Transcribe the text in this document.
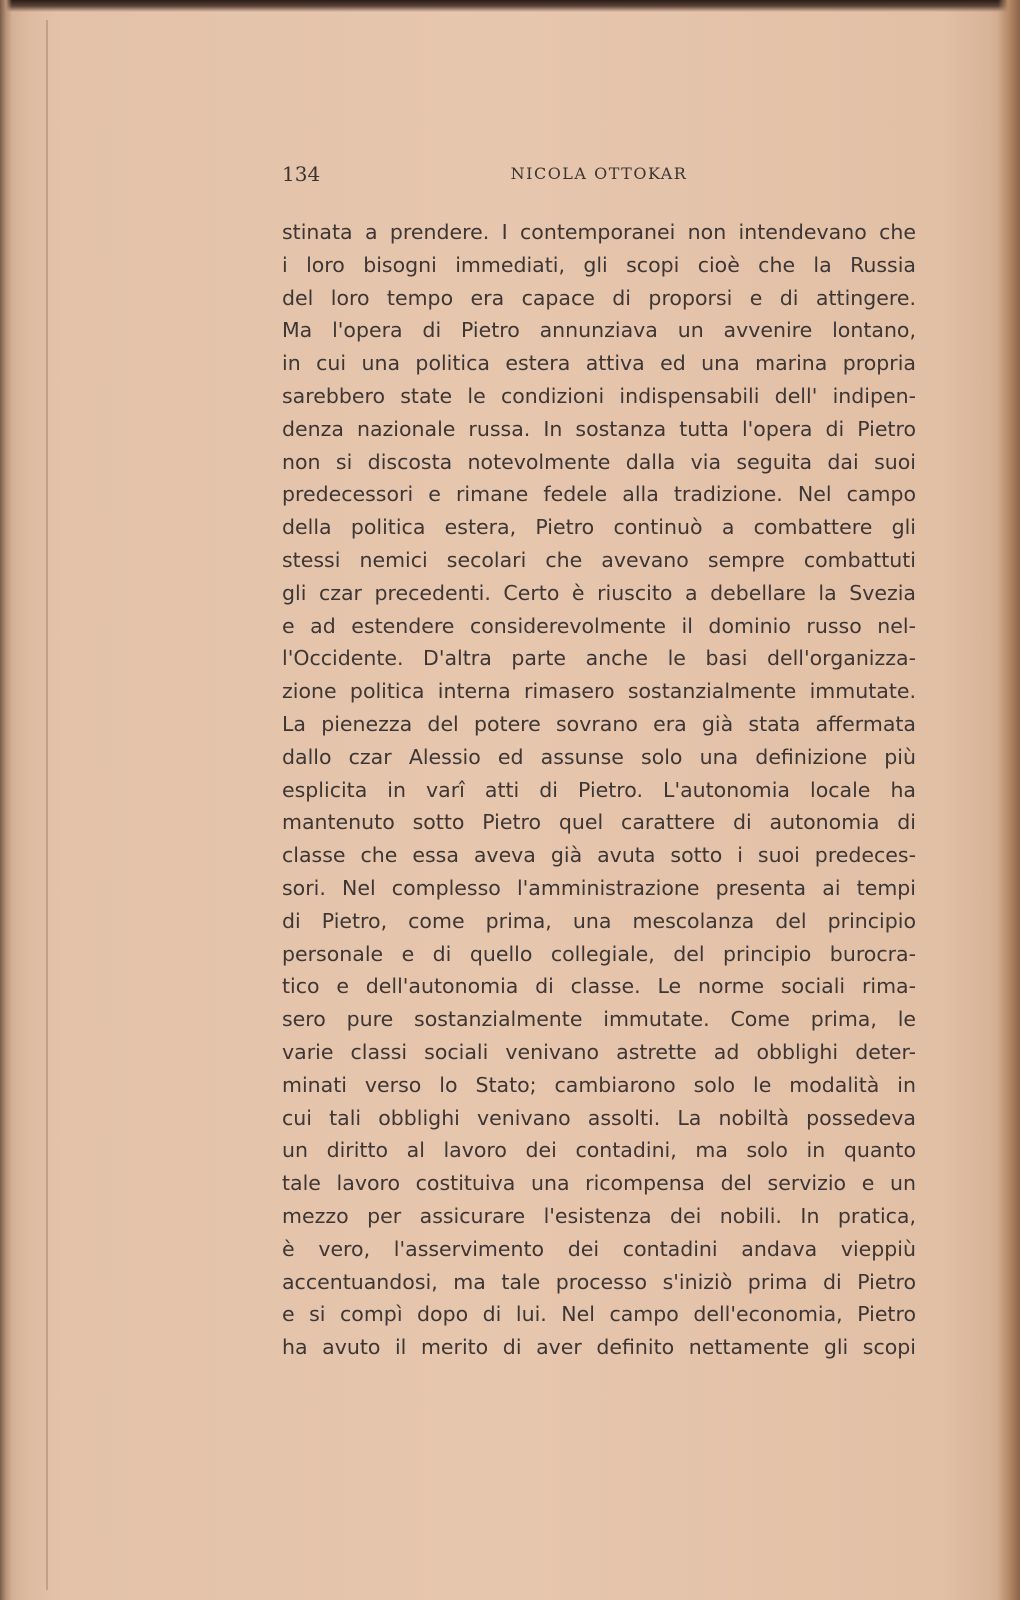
134	NICOLA OTTOKAR
stinata a prendere. I contemporanei non intendevano che
i loro bisogni immediati, gli scopi cioè che la Russia
del loro tempo era capace di proporsi e di attingere.
Ma l'opera di Pietro annunziava un avvenire lontano,
in cui una politica estera attiva ed una marina propria
sarebbero state le condizioni indispensabili dell' indipen-
denza nazionale russa. In sostanza tutta l'opera di Pietro
non si discosta notevolmente dalla via seguita dai suoi
predecessori e rimane fedele alla tradizione. Nel campo
della politica estera, Pietro continuò a combattere gli
stessi nemici secolari che avevano sempre combattuti
gli czar precedenti. Certo è riuscito a debellare la Svezia
e ad estendere considerevolmente il dominio russo nel-
l'Occidente. D'altra parte anche le basi dell'organizza-
zione politica interna rimasero sostanzialmente immutate.
La pienezza del potere sovrano era già stata affermata
dallo czar Alessio ed assunse solo una definizione più
esplicita in varî atti di Pietro. L'autonomia locale ha
mantenuto sotto Pietro quel carattere di autonomia di
classe che essa aveva già avuta sotto i suoi predeces-
sori. Nel complesso l'amministrazione presenta ai tempi
di Pietro, come prima, una mescolanza del principio
personale e di quello collegiale, del principio burocra-
tico e dell'autonomia di classe. Le norme sociali rima-
sero pure sostanzialmente immutate. Come prima, le
varie classi sociali venivano astrette ad obblighi deter-
minati verso lo Stato; cambiarono solo le modalità in
cui tali obblighi venivano assolti. La nobiltà possedeva
un diritto al lavoro dei contadini, ma solo in quanto
tale lavoro costituiva una ricompensa del servizio e un
mezzo per assicurare l'esistenza dei nobili. In pratica,
è vero, l'asservimento dei contadini andava vieppiù
accentuandosi, ma tale processo s'iniziò prima di Pietro
e si compì dopo di lui. Nel campo dell'economia, Pietro
ha avuto il merito di aver definito nettamente gli scopi
